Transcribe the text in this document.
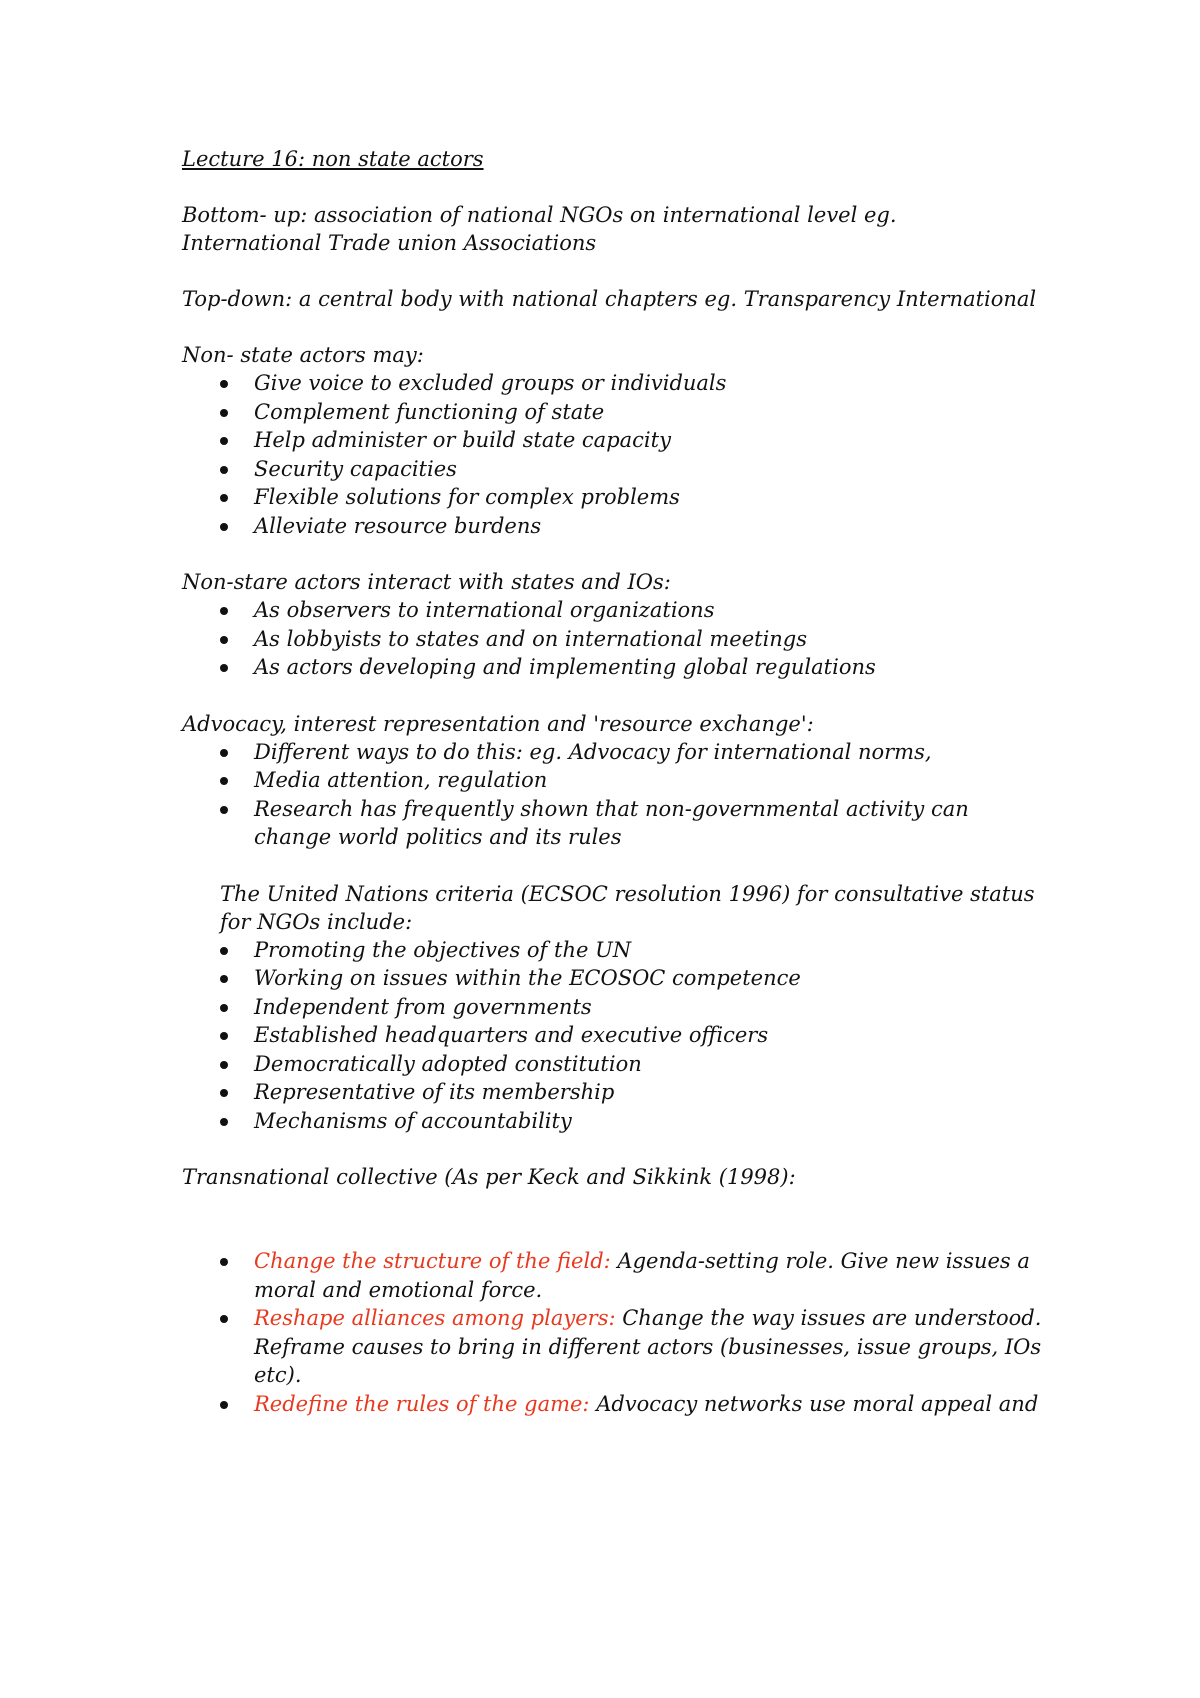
Lecture 16: non state actors

Bottom- up: association of national NGOs on international level eg. International Trade union Associations

Top-down: a central body with national chapters eg. Transparency International

Non- state actors may:

Give voice to excluded groups or individuals
Complement functioning of state
Help administer or build state capacity
Security capacities
Flexible solutions for complex problems
Alleviate resource burdens

Non-stare actors interact with states and IOs:

As observers to international organizations
As lobbyists to states and on international meetings
As actors developing and implementing global regulations

Advocacy, interest representation and 'resource exchange':

Different ways to do this: eg. Advocacy for international norms,
Media attention, regulation
Research has frequently shown that non-governmental activity can change world politics and its rules

The United Nations criteria (ECSOC resolution 1996) for consultative status for NGOs include:

Promoting the objectives of the UN
Working on issues within the ECOSOC competence
Independent from governments
Established headquarters and executive officers
Democratically adopted constitution
Representative of its membership
Mechanisms of accountability

Transnational collective (As per Keck and Sikkink (1998):

Change the structure of the field: Agenda-setting role. Give new issues a moral and emotional force.
Reshape alliances among players: Change the way issues are understood. Reframe causes to bring in different actors (businesses, issue groups, IOs etc).
Redefine the rules of the game: Advocacy networks use moral appeal and
